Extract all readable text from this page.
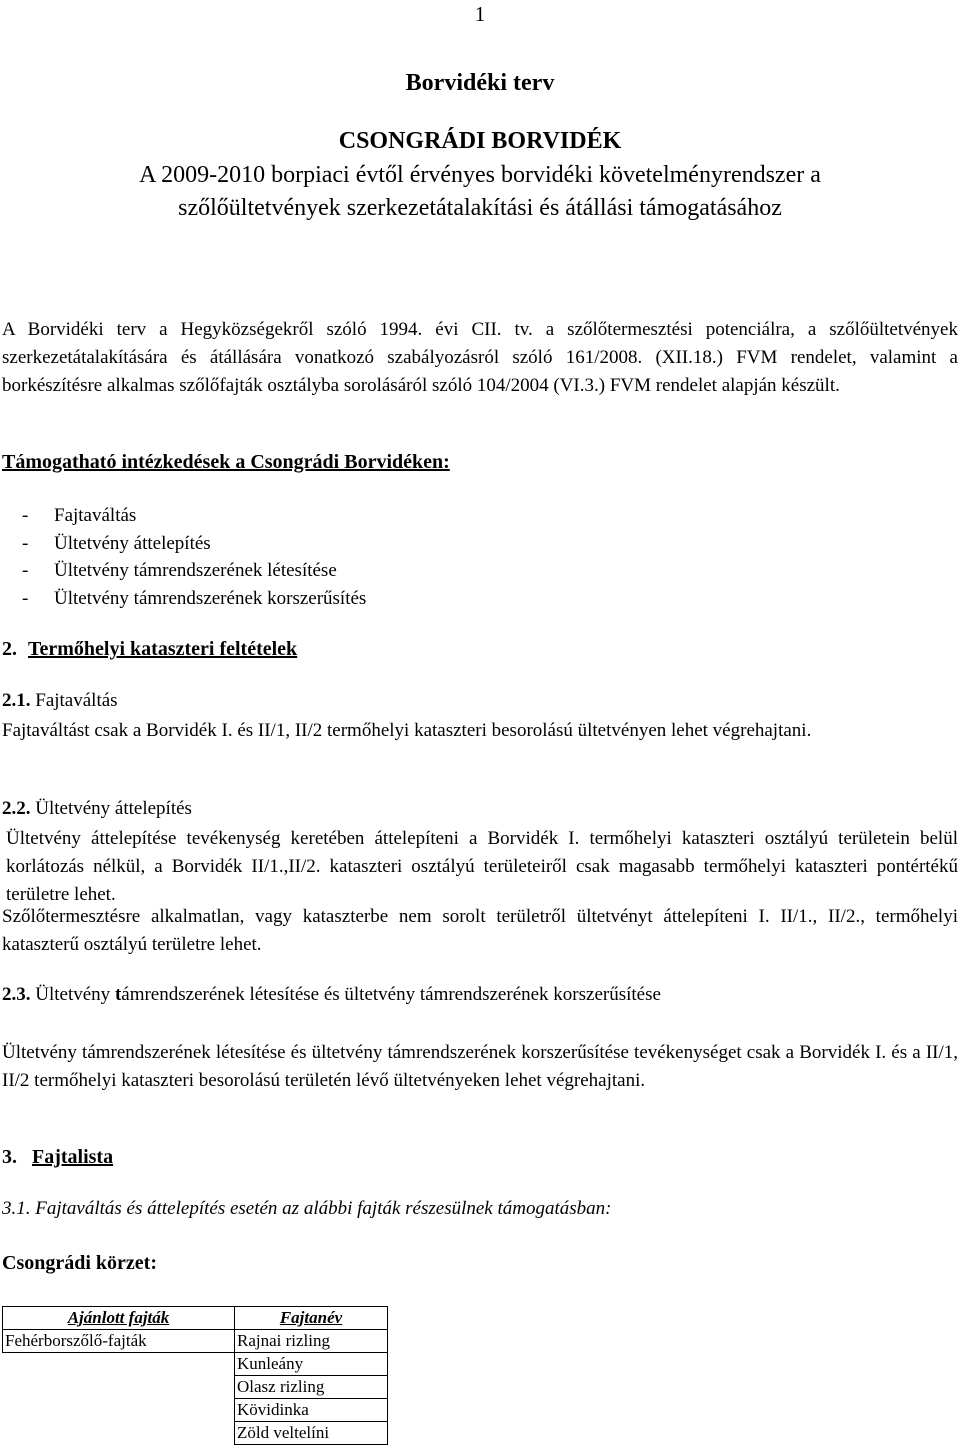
1
Borvidéki terv
CSONGRÁDI BORVIDÉK
A 2009-2010 borpiaci évtől érvényes borvidéki követelményrendszer a
szőlőültetvények szerkezetátalakítási és átállási támogatásához
A Borvidéki terv a Hegyközségekről szóló 1994. évi CII. tv. a szőlőtermesztési potenciálra, a szőlőültetvények szerkezetátalakítására és átállására vonatkozó szabályozásról szóló 161/2008. (XII.18.) FVM rendelet, valamint a borkészítésre alkalmas szőlőfajták osztályba sorolásáról szóló 104/2004 (VI.3.) FVM rendelet alapján készült.
Támogatható intézkedések a Csongrádi Borvidéken:
- Fajtaváltás
- Ültetvény áttelepítés
- Ültetvény támrendszerének létesítése
- Ültetvény támrendszerének korszerűsítés
2. Termőhelyi kataszteri feltételek
2.1. Fajtaváltás
Fajtaváltást csak a Borvidék I. és II/1, II/2 termőhelyi kataszteri besorolású ültetvényen lehet végrehajtani.
2.2. Ültetvény áttelepítés
Ültetvény áttelepítése tevékenység keretében áttelepíteni a Borvidék I. termőhelyi kataszteri osztályú területein belül korlátozás nélkül, a Borvidék II/1.,II/2. kataszteri osztályú területeiről csak magasabb termőhelyi kataszteri pontértékű területre lehet.
Szőlőtermesztésre alkalmatlan, vagy kataszterbe nem sorolt területről ültetvényt áttelepíteni I. II/1., II/2., termőhelyi kataszterű osztályú területre lehet.
2.3. Ültetvény támrendszerének létesítése és ültetvény támrendszerének korszerűsítése
Ültetvény támrendszerének létesítése és ültetvény támrendszerének korszerűsítése tevékenységet csak a Borvidék I. és a II/1, II/2 termőhelyi kataszteri besorolású területén lévő ültetvényeken lehet végrehajtani.
3. Fajtalista
3.1. Fajtaváltás és áttelepítés esetén az alábbi fajták részesülnek támogatásban:
Csongrádi körzet:
Ajánlott fajták	Fajtanév
Fehérborszőlő-fajták	Rajnai rizling
	Kunleány
	Olasz rizling
	Kövidinka
	Zöld veltelíni
